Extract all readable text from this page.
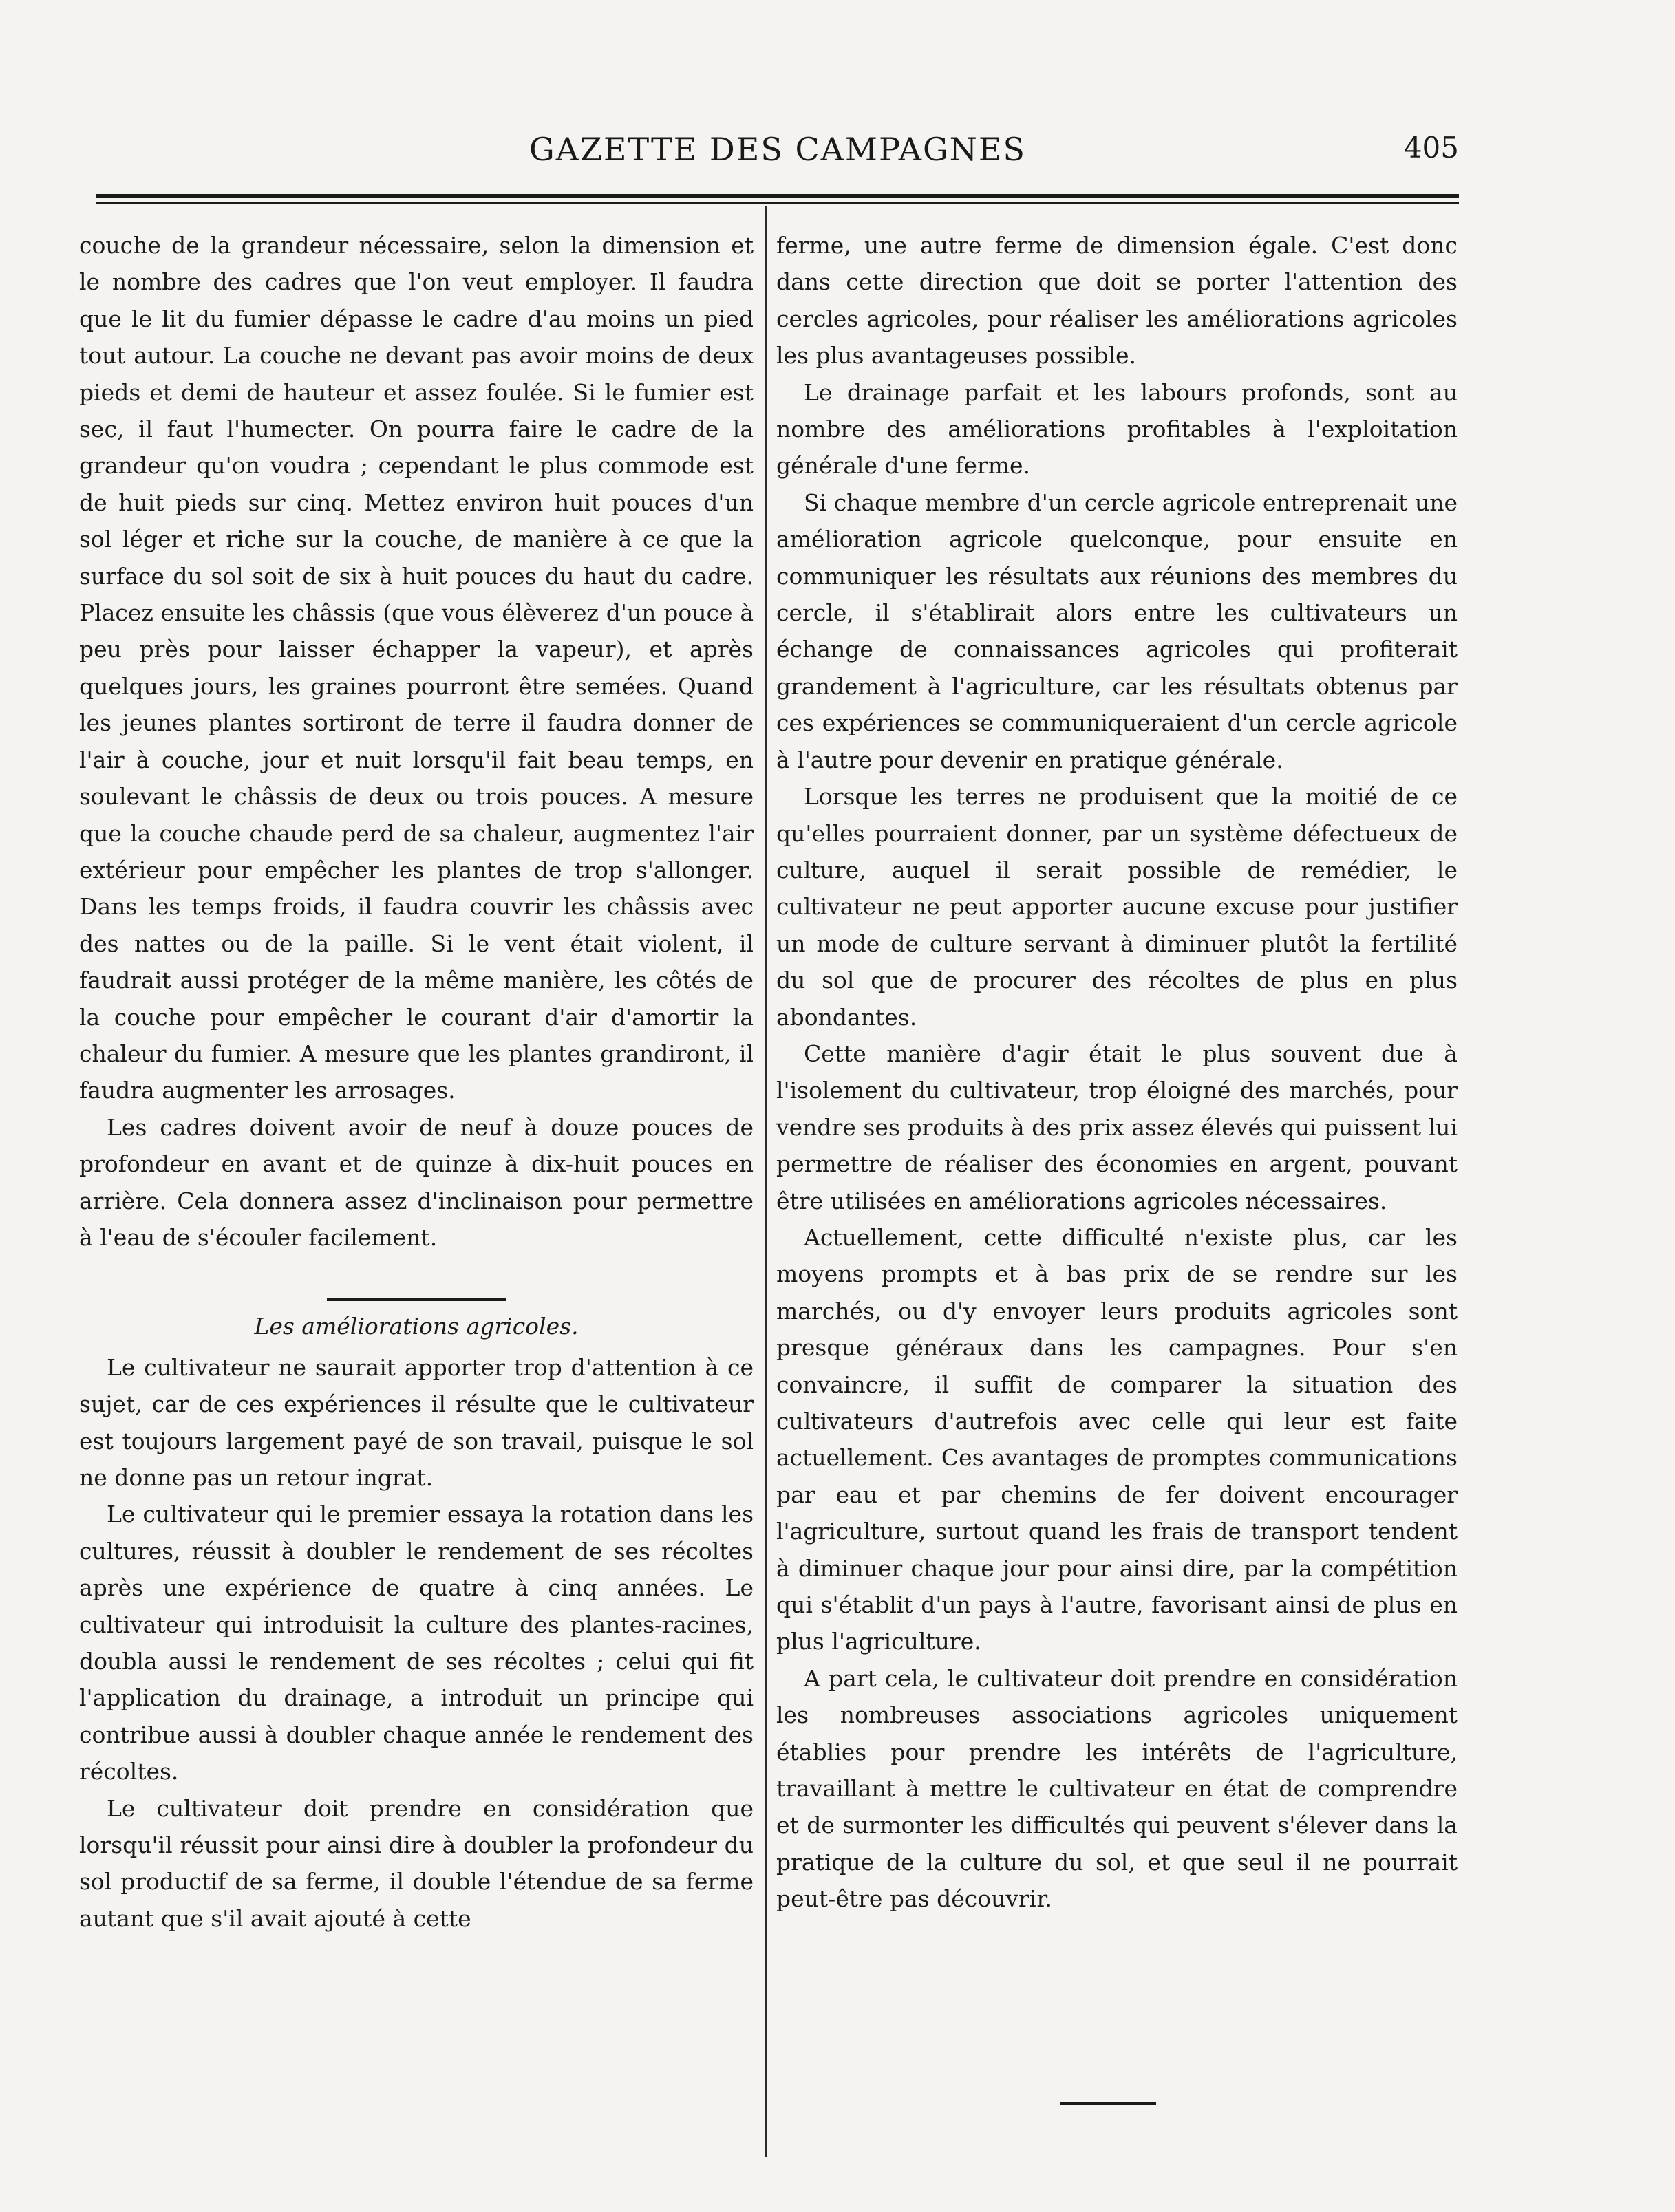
GAZETTE DES CAMPAGNES	405

couche de la grandeur nécessaire, selon la dimension et le nombre des cadres que l'on veut employer. Il faudra que le lit du fumier dépasse le cadre d'au moins un pied tout autour. La couche ne devant pas avoir moins de deux pieds et demi de hauteur et assez foulée. Si le fumier est sec, il faut l'humecter. On pourra faire le cadre de la grandeur qu'on voudra ; cependant le plus commode est de huit pieds sur cinq. Mettez environ huit pouces d'un sol léger et riche sur la couche, de manière à ce que la surface du sol soit de six à huit pouces du haut du cadre. Placez ensuite les châssis (que vous élèverez d'un pouce à peu près pour laisser échapper la vapeur), et après quelques jours, les graines pourront être semées. Quand les jeunes plantes sortiront de terre il faudra donner de l'air à couche, jour et nuit lorsqu'il fait beau temps, en soulevant le châssis de deux ou trois pouces. A mesure que la couche chaude perd de sa chaleur, augmentez l'air extérieur pour empêcher les plantes de trop s'allonger. Dans les temps froids, il faudra couvrir les châssis avec des nattes ou de la paille. Si le vent était violent, il faudrait aussi protéger de la même manière, les côtés de la couche pour empêcher le courant d'air d'amortir la chaleur du fumier. A mesure que les plantes grandiront, il faudra augmenter les arrosages.

Les cadres doivent avoir de neuf à douze pouces de profondeur en avant et de quinze à dix-huit pouces en arrière. Cela donnera assez d'inclinaison pour permettre à l'eau de s'écouler facilement.

Les améliorations agricoles.

Le cultivateur ne saurait apporter trop d'attention à ce sujet, car de ces expériences il résulte que le cultivateur est toujours largement payé de son travail, puisque le sol ne donne pas un retour ingrat.

Le cultivateur qui le premier essaya la rotation dans les cultures, réussit à doubler le rendement de ses récoltes après une expérience de quatre à cinq années. Le cultivateur qui introduisit la culture des plantes-racines, doubla aussi le rendement de ses récoltes ; celui qui fit l'application du drainage, a introduit un principe qui contribue aussi à doubler chaque année le rendement des récoltes.

Le cultivateur doit prendre en considération que lorsqu'il réussit pour ainsi dire à doubler la profondeur du sol productif de sa ferme, il double l'étendue de sa ferme autant que s'il avait ajouté à cette

ferme, une autre ferme de dimension égale. C'est donc dans cette direction que doit se porter l'attention des cercles agricoles, pour réaliser les améliorations agricoles les plus avantageuses possible.

Le drainage parfait et les labours profonds, sont au nombre des améliorations profitables à l'exploitation générale d'une ferme.

Si chaque membre d'un cercle agricole entreprenait une amélioration agricole quelconque, pour ensuite en communiquer les résultats aux réunions des membres du cercle, il s'établirait alors entre les cultivateurs un échange de connaissances agricoles qui profiterait grandement à l'agriculture, car les résultats obtenus par ces expériences se communiqueraient d'un cercle agricole à l'autre pour devenir en pratique générale.

Lorsque les terres ne produisent que la moitié de ce qu'elles pourraient donner, par un système défectueux de culture, auquel il serait possible de remédier, le cultivateur ne peut apporter aucune excuse pour justifier un mode de culture servant à diminuer plutôt la fertilité du sol que de procurer des récoltes de plus en plus abondantes.

Cette manière d'agir était le plus souvent due à l'isolement du cultivateur, trop éloigné des marchés, pour vendre ses produits à des prix assez élevés qui puissent lui permettre de réaliser des économies en argent, pouvant être utilisées en améliorations agricoles nécessaires.

Actuellement, cette difficulté n'existe plus, car les moyens prompts et à bas prix de se rendre sur les marchés, ou d'y envoyer leurs produits agricoles sont presque généraux dans les campagnes. Pour s'en convaincre, il suffit de comparer la situation des cultivateurs d'autrefois avec celle qui leur est faite actuellement. Ces avantages de promptes communications par eau et par chemins de fer doivent encourager l'agriculture, surtout quand les frais de transport tendent à diminuer chaque jour pour ainsi dire, par la compétition qui s'établit d'un pays à l'autre, favorisant ainsi de plus en plus l'agriculture.

A part cela, le cultivateur doit prendre en considération les nombreuses associations agricoles uniquement établies pour prendre les intérêts de l'agriculture, travaillant à mettre le cultivateur en état de comprendre et de surmonter les difficultés qui peuvent s'élever dans la pratique de la culture du sol, et que seul il ne pourrait peut-être pas découvrir.
